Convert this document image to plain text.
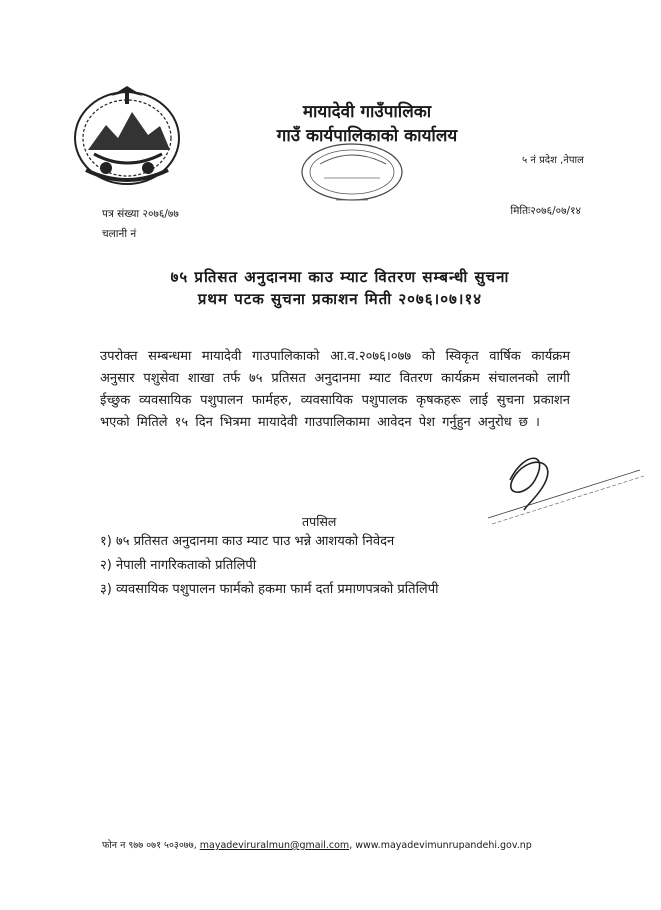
मायादेवी गाउँपालिका
गाउँ कार्यपालिकाको कार्यालय
५ नं प्रदेश ,नेपाल
पत्र संख्या २०७६/७७
चलानी नं
मितिः२०७६/०७/१४
७५ प्रतिसत अनुदानमा काउ म्याट वितरण सम्बन्धी सुचना
प्रथम पटक सुचना प्रकाशन मिती २०७६।०७।१४

उपरोक्त सम्बन्धमा मायादेवी गाउपालिकाको आ.व.२०७६।०७७ को स्विकृत वार्षिक कार्यक्रम अनुसार पशुसेवा शाखा तर्फ ७५ प्रतिसत अनुदानमा म्याट वितरण कार्यक्रम संचालनको लागी ईच्छुक व्यवसायिक पशुपालन फार्महरु, व्यवसायिक पशुपालक कृषकहरू लाई सुचना प्रकाशन भएको मितिले १५ दिन भित्रमा मायादेवी गाउपालिकामा आवेदन पेश गर्नुहुन अनुरोध छ ।

तपसिल
१) ७५ प्रतिसत अनुदानमा काउ म्याट पाउ भन्ने आशयको निवेदन
२) नेपाली नागरिकताको प्रतिलिपी
३) व्यवसायिक पशुपालन फार्मको हकमा फार्म दर्ता प्रमाणपत्रको प्रतिलिपी
फोन न ९७७ ०७१ ५०३०७७, mayadeviruralmun@gmail.com, www.mayadevimunrupandehi.gov.np
